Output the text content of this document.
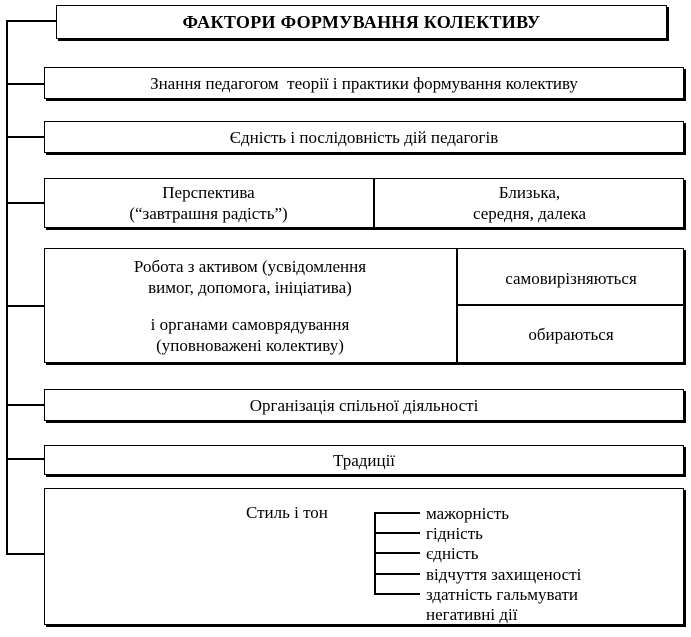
ФАКТОРИ ФОРМУВАННЯ КОЛЕКТИВУ
Знання педагогом  теорії і практики формування колективу
Єдність і послідовність дій педагогів
Перспектива
(“завтрашня радість”)
Близька,
середня, далека
Робота з активом (усвідомлення
вимог, допомога, ініціатива)	самовирізняються
і органами самоврядування
(уповноважені колективу)
обираються
Організація спільної діяльності
Традиції
Стиль і тон	мажорність
гідність
єдність
відчуття захищеності
здатність гальмувати
негативні дії
